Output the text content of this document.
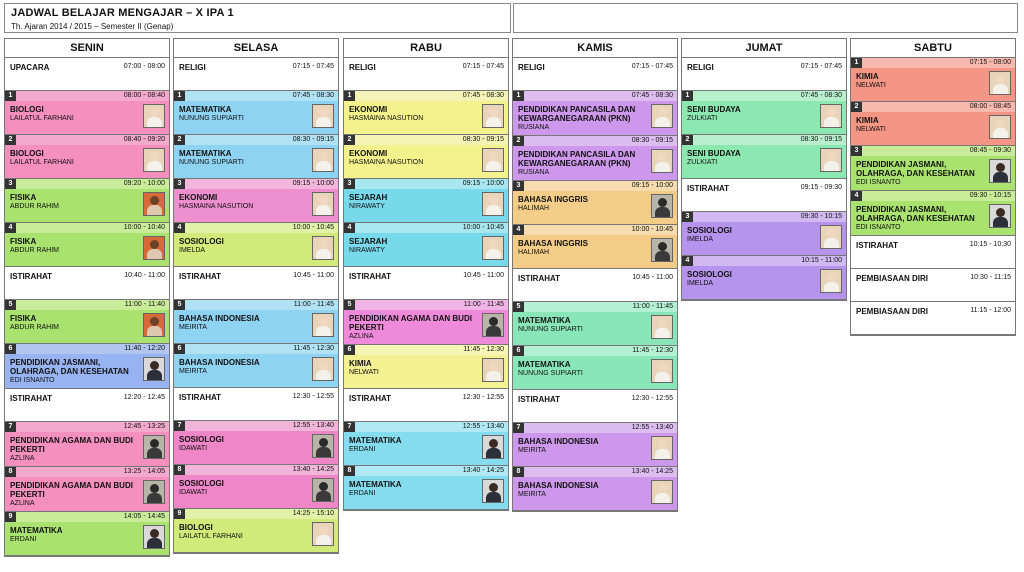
JADWAL BELAJAR MENGAJAR – X IPA 1
Th. Ajaran 2014 / 2015 – Semester II (Genap)
SENIN
UPACARA	07:00 - 08:00
1	08:00 - 08:40
BIOLOGI
LAILATUL FARHANI
2	08:40 - 09:20
BIOLOGI
LAILATUL FARHANI
3	09:20 - 10:00
FISIKA
ABDUR RAHIM
4	10:00 - 10:40
FISIKA
ABDUR RAHIM
ISTIRAHAT	10:40 - 11:00
5	11:00 - 11:40
FISIKA
ABDUR RAHIM
6	11:40 - 12:20
PENDIDIKAN JASMANI, OLAHRAGA, DAN KESEHATAN
EDI ISNANTO
ISTIRAHAT	12:20 - 12:45
7	12:45 - 13:25
PENDIDIKAN AGAMA DAN BUDI PEKERTI
AZLINA
8	13:25 - 14:05
PENDIDIKAN AGAMA DAN BUDI PEKERTI
AZLINA
9	14:05 - 14:45
MATEMATIKA
ERDANI
SELASA
RELIGI	07:15 - 07:45
1	07:45 - 08:30
MATEMATIKA
NUNUNG SUPIARTI
2	08:30 - 09:15
MATEMATIKA
NUNUNG SUPIARTI
3	09:15 - 10:00
EKONOMI
HASMAINA NASUTION
4	10:00 - 10:45
SOSIOLOGI
IMELDA
ISTIRAHAT	10:45 - 11:00
5	11:00 - 11:45
BAHASA INDONESIA
MEIRITA
6	11:45 - 12:30
BAHASA INDONESIA
MEIRITA
ISTIRAHAT	12:30 - 12:55
7	12:55 - 13:40
SOSIOLOGI
IDAWATI
8	13:40 - 14:25
SOSIOLOGI
IDAWATI
9	14:25 - 15:10
BIOLOGI
LAILATUL FARHANI
RABU
RELIGI	07:15 - 07:45
1	07:45 - 08:30
EKONOMI
HASMAINA NASUTION
2	08:30 - 09:15
EKONOMI
HASMAINA NASUTION
3	09:15 - 10:00
SEJARAH
NIRAWATY
4	10:00 - 10:45
SEJARAH
NIRAWATY
ISTIRAHAT	10:45 - 11:00
5	11:00 - 11:45
PENDIDIKAN AGAMA DAN BUDI PEKERTI
AZLINA
6	11:45 - 12:30
KIMIA
NELWATI
ISTIRAHAT	12:30 - 12:55
7	12:55 - 13:40
MATEMATIKA
ERDANI
8	13:40 - 14:25
MATEMATIKA
ERDANI
KAMIS
RELIGI	07:15 - 07:45
1	07:45 - 08:30
PENDIDIKAN PANCASILA DAN KEWARGANEGARAAN (PKN)
RUSIANA
2	08:30 - 09:15
PENDIDIKAN PANCASILA DAN KEWARGANEGARAAN (PKN)
RUSIANA
3	09:15 - 10:00
BAHASA INGGRIS
HALIMAH
4	10:00 - 10:45
BAHASA INGGRIS
HALIMAH
ISTIRAHAT	10:45 - 11:00
5	11:00 - 11:45
MATEMATIKA
NUNUNG SUPIARTI
6	11:45 - 12:30
MATEMATIKA
NUNUNG SUPIARTI
ISTIRAHAT	12:30 - 12:55
7	12:55 - 13:40
BAHASA INDONESIA
MEIRITA
8	13:40 - 14:25
BAHASA INDONESIA
MEIRITA
JUMAT
RELIGI	07:15 - 07:45
1	07:45 - 08:30
SENI BUDAYA
ZULKIATI
2	08:30 - 09:15
SENI BUDAYA
ZULKIATI
ISTIRAHAT	09:15 - 09:30
3	09:30 - 10:15
SOSIOLOGI
IMELDA
4	10:15 - 11:00
SOSIOLOGI
IMELDA
SABTU
1	07:15 - 08:00
KIMIA
NELWATI
2	08:00 - 08:45
KIMIA
NELWATI
3	08:45 - 09:30
PENDIDIKAN JASMANI, OLAHRAGA, DAN KESEHATAN
EDI ISNANTO
4	09:30 - 10:15
PENDIDIKAN JASMANI, OLAHRAGA, DAN KESEHATAN
EDI ISNANTO
ISTIRAHAT	10:15 - 10:30
PEMBIASAAN DIRI	10:30 - 11:15
PEMBIASAAN DIRI	11:15 - 12:00
